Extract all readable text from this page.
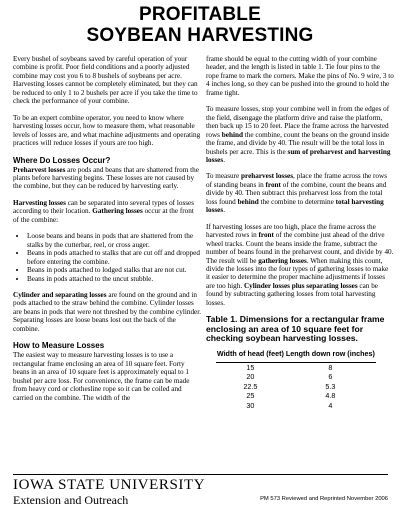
PROFITABLE
SOYBEAN HARVESTING

Every bushel of soybeans saved by careful operation of your combine is profit. Poor field conditions and a poorly adjusted combine may cost you 6 to 8 bushels of soybeans per acre. Harvesting losses cannot be completely eliminated, but they can be reduced to only 1 to 2 bushels per acre if you take the time to check the performance of your combine.

To be an expert combine operator, you need to know where harvesting losses occur, how to measure them, what reasonable levels of losses are, and what machine adjustments and operating practices will reduce losses if yours are too high.

Where Do Losses Occur?

Preharvest losses are pods and beans that are shattered from the plants before harvesting begins. These losses are not caused by the combine, but they can be reduced by harvesting early.

Harvesting losses can be separated into several types of losses according to their location. Gathering losses occur at the front of the combine:

• Loose beans and beans in pods that are shattered from the stalks by the cutterbar, reel, or cross auger.
• Beans in pods attached to stalks that are cut off and dropped before entering the combine.
• Beans in pods attached to lodged stalks that are not cut.
• Beans in pods attached to the uncut stubble.

Cylinder and separating losses are found on the ground and in pods attached to the straw behind the combine. Cylinder losses are beans in pods that were not threshed by the combine cylinder. Separating losses are loose beans lost out the back of the combine.

How to Measure Losses

The easiest way to measure harvesting losses is to use a rectangular frame enclosing an area of 10 square feet. Forty beans in an area of 10 square feet is approximately equal to 1 bushel per acre loss. For convenience, the frame can be made from heavy cord or clothesline rope so it can be coiled and carried on the combine. The width of the

frame should be equal to the cutting width of your combine header, and the length is listed in table 1. Tie four pins to the rope frame to mark the corners. Make the pins of No. 9 wire, 3 to 4 inches long, so they can be pushed into the ground to hold the frame tight.

To measure losses, stop your combine well in from the edges of the field, disengage the platform drive and raise the platform, then back up 15 to 20 feet. Place the frame across the harvested rows behind the combine, count the beans on the ground inside the frame, and divide by 40. The result will be the total loss in bushels per acre. This is the sum of preharvest and harvesting losses.

To measure preharvest losses, place the frame across the rows of standing beans in front of the combine, count the beans and divide by 40. Then subtract this preharvest loss from the total loss found behind the combine to determine total harvesting losses.

If harvesting losses are too high, place the frame across the harvested rows in front of the combine just ahead of the drive wheel tracks. Count the beans inside the frame, subtract the number of beans found in the preharvest count, and divide by 40. The result will be gathering losses. When making this count, divide the losses into the four types of gathering losses to make it easier to determine the proper machine adjustments if losses are too high. Cylinder losses plus separating losses can be found by subtracting gathering losses from total harvesting losses.

Table 1. Dimensions for a rectangular frame enclosing an area of 10 square feet for checking soybean harvesting losses.
Width of head (feet)	Length down row (inches)
15	8
20	6
22.5	5.3
25	4.8
30	4
IOWA STATE UNIVERSITY
Extension and Outreach	PM 573 Reviewed and Reprinted November 2006
